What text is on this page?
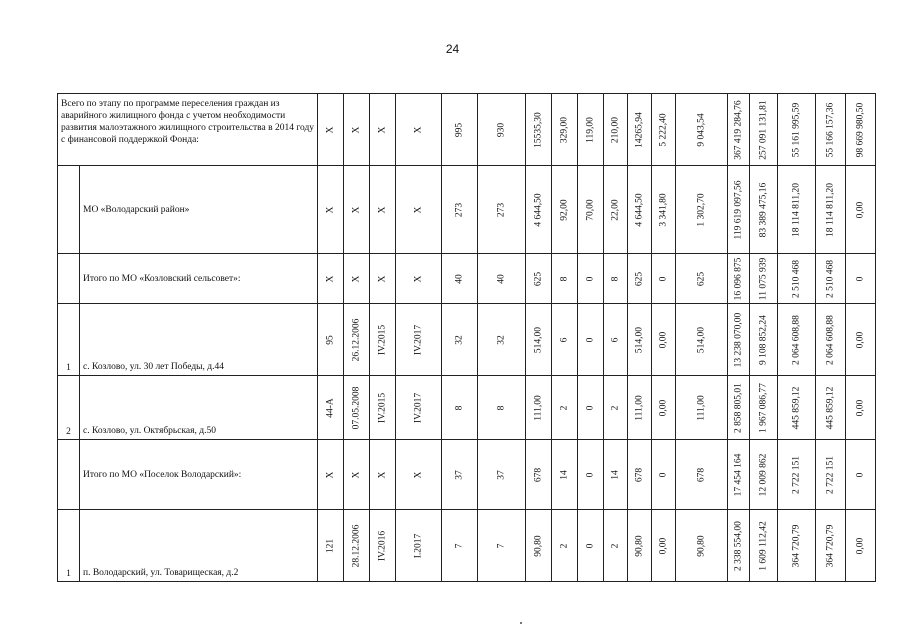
24
Всего по этапу по программе переселения граждан из аварийного жилищного фонда с учетом необходимости развития малоэтажного жилищного строительства в 2014 году с финансовой поддержкой Фонда:		X	X	X	X	995	930	15535,30	329,00	119,00	210,00	14265,94	5 222,40	9 043,54	367 419 284,76	257 091 131,81	55 161 995,59	55 166 157,36	98 669 980,50

	МО «Володарский район»	X	X	X	X	273	273	4 644,50	92,00	70,00	22,00	4 644,50	3 341,80	1 302,70	119 619 097,56	83 389 475,16	18 114 811,20	18 114 811,20	0,00

	Итого по МО «Козловский сельсовет»:	X	X	X	X	40	40	625	8	0	8	625	0	625	16 096 875	11 075 939	2 510 468	2 510 468	0

1	с. Козлово, ул. 30 лет Победы, д.44	95	26.12.2006	IV.2015	IV.2017	32	32	514,00	6	0	6	514,00	0,00	514,00	13 238 070,00	9 108 852,24	2 064 608,88	2 064 608,88	0,00

2	с. Козлово, ул. Октябрьская, д.50	44-А	07.05.2008	IV.2015	IV.2017	8	8	111,00	2	0	2	111,00	0,00	111,00	2 858 805,01	1 967 086,77	445 859,12	445 859,12	0,00

	Итого по МО «Поселок Володарский»:	X	X	X	X	37	37	678	14	0	14	678	0	678	17 454 164	12 009 862	2 722 151	2 722 151	0

1	п. Володарский, ул. Товарищеская, д.2	121	28.12.2006	IV.2016	I.2017	7	7	90,80	2	0	2	90,80	0,00	90,80	2 338 554,00	1 609 112,42	364 720,79	364 720,79	0,00
